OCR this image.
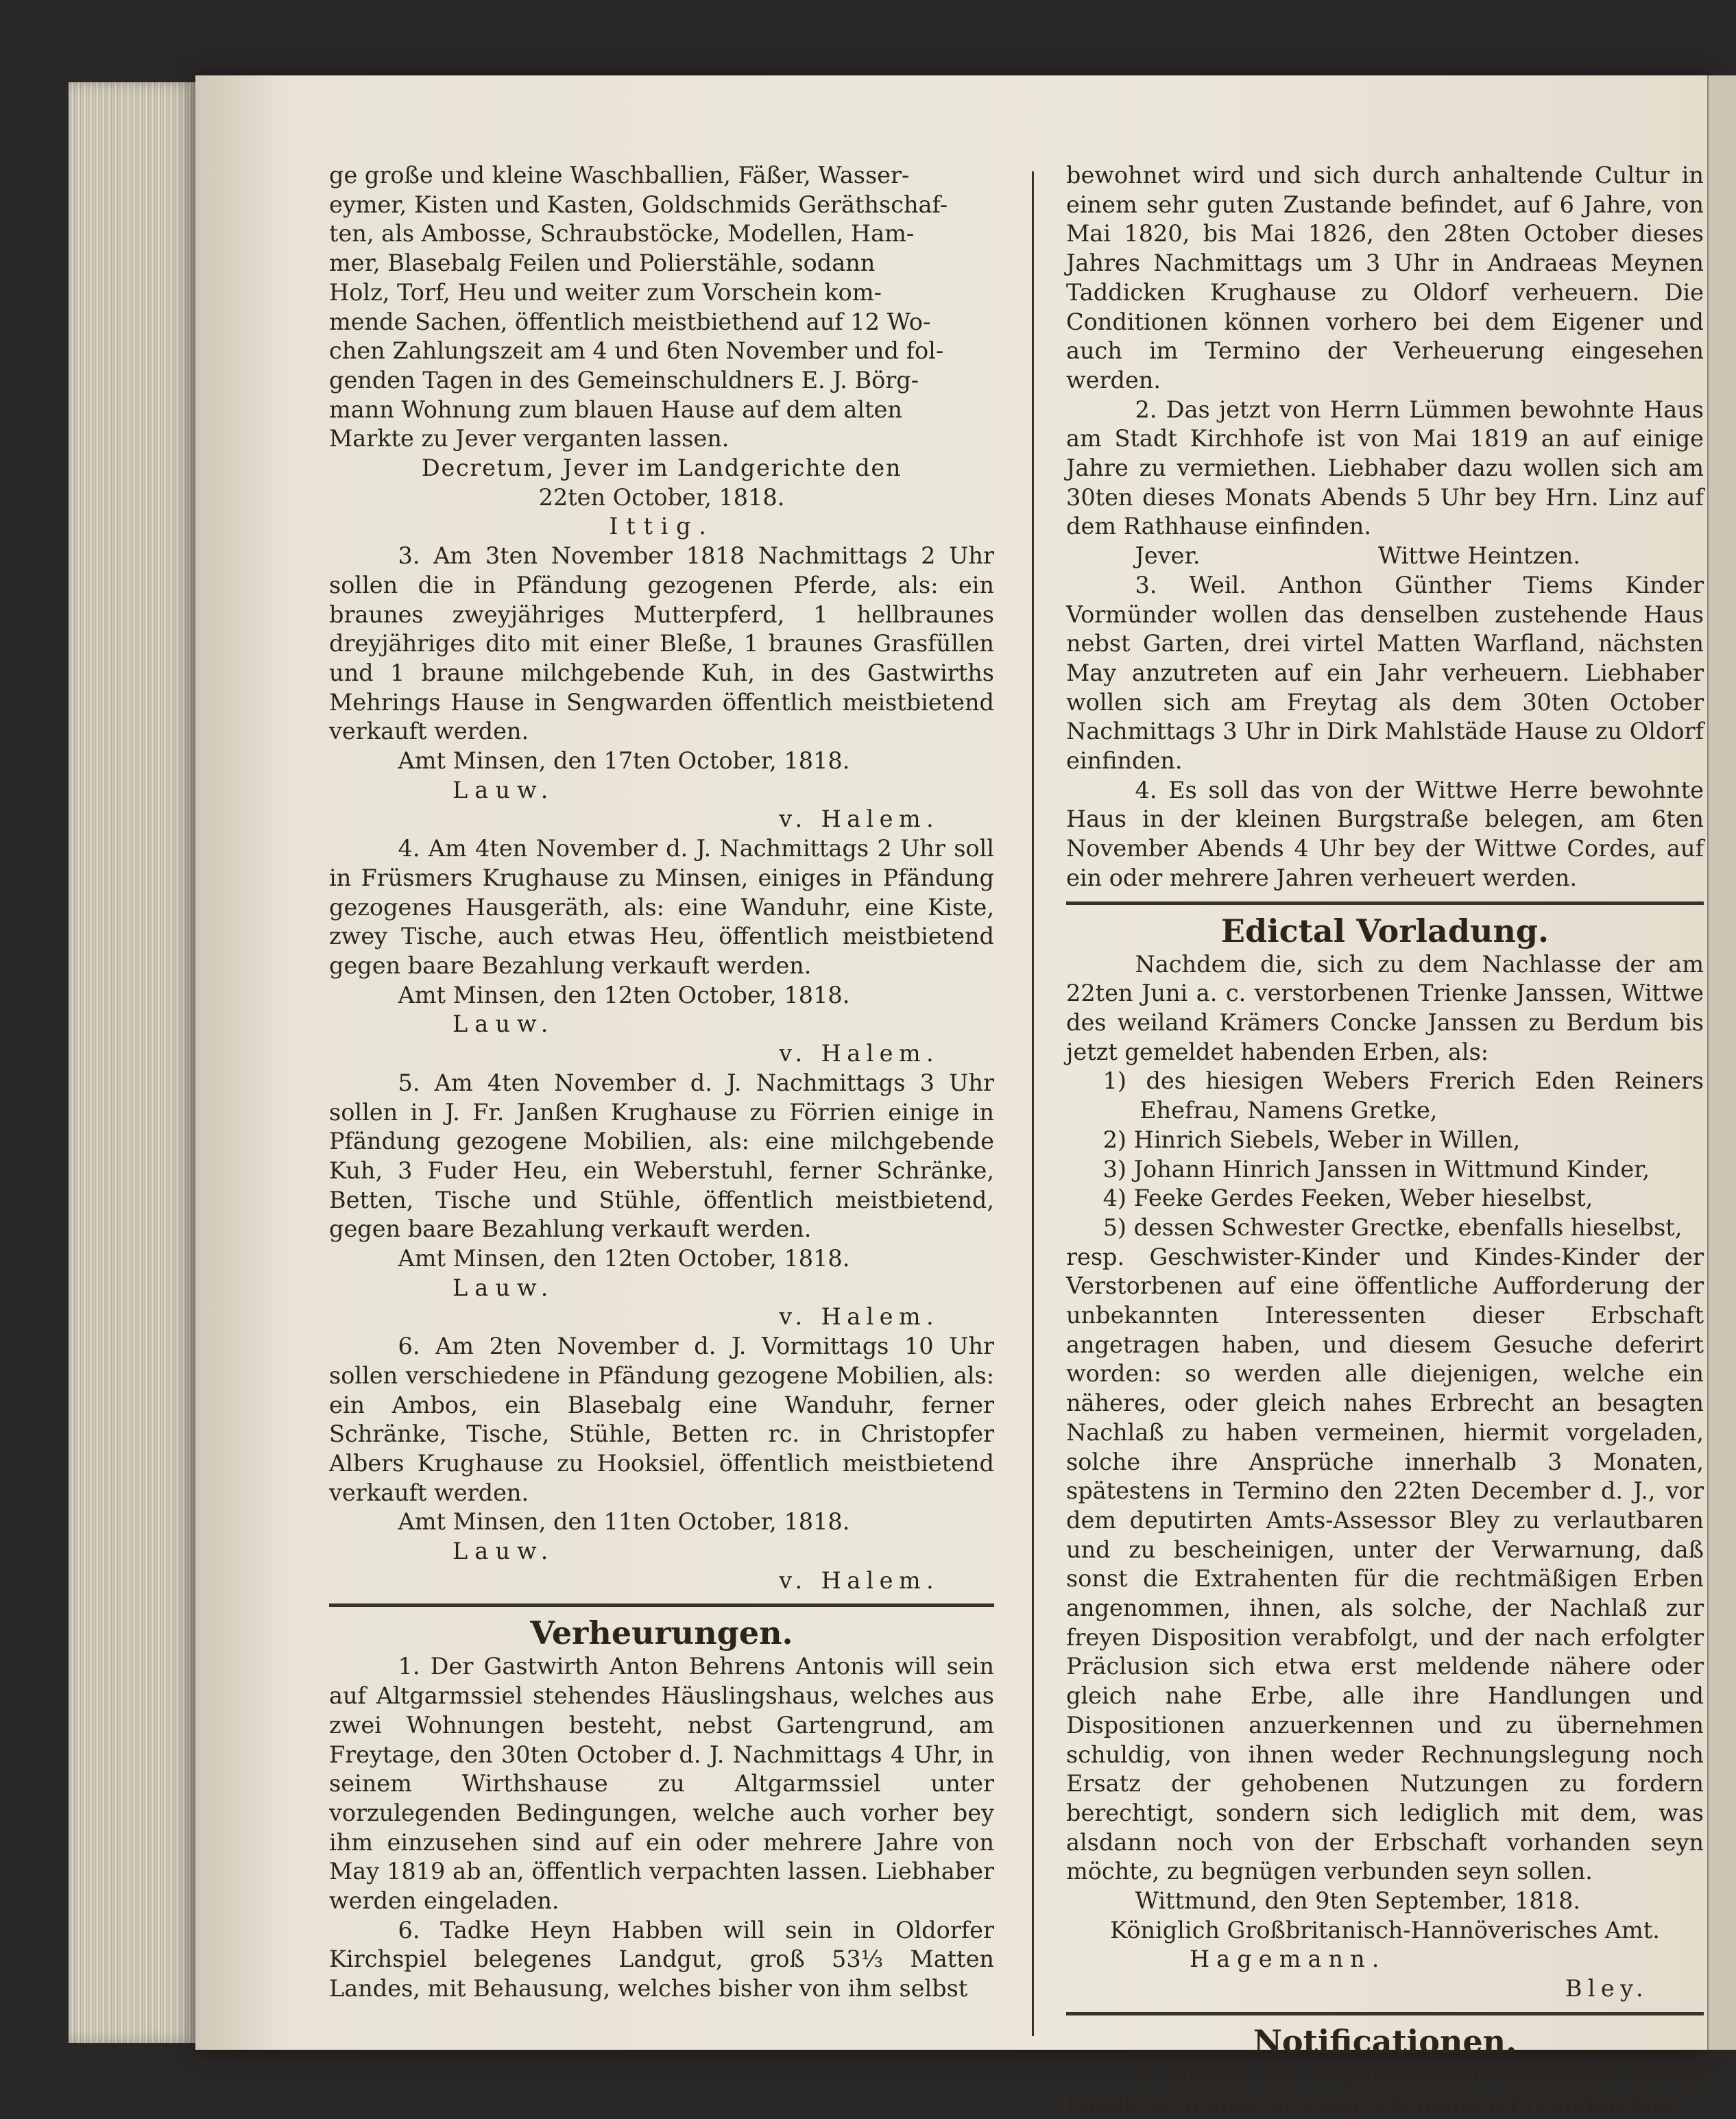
ge große und kleine Waschballien, Fäßer, Wasser-

eymer, Kisten und Kasten, Goldschmids Geräthschaf-

ten, als Ambosse, Schraubstöcke, Modellen, Ham-

mer, Blasebalg Feilen und Polierstähle, sodann

Holz, Torf, Heu und weiter zum Vorschein kom-

mende Sachen, öffentlich meistbiethend auf 12 Wo-

chen Zahlungszeit am 4 und 6ten November und fol-

genden Tagen in des Gemeinschuldners E. J. Börg-

mann Wohnung zum blauen Hause auf dem alten

Markte zu Jever verganten lassen.

Decretum, Jever im Landgerichte den

22ten October, 1818.

Ittig.

3. Am 3ten November 1818 Nachmittags 2 Uhr sollen die in Pfändung gezogenen Pferde, als: ein braunes zweyjähriges Mutterpferd, 1 hellbraunes dreyjähriges dito mit einer Bleße, 1 braunes Grasfüllen und 1 braune milchgebende Kuh, in des Gastwirths Mehrings Hause in Sengwarden öffentlich meistbietend verkauft werden.

Amt Minsen, den 17ten October, 1818.

Lauw.

v. Halem.

4. Am 4ten November d. J. Nachmittags 2 Uhr soll in Früsmers Krughause zu Minsen, einiges in Pfändung gezogenes Hausgeräth, als: eine Wanduhr, eine Kiste, zwey Tische, auch etwas Heu, öffentlich meistbietend gegen baare Bezahlung verkauft werden.

Amt Minsen, den 12ten October, 1818.

Lauw.

v. Halem.

5. Am 4ten November d. J. Nachmittags 3 Uhr sollen in J. Fr. Janßen Krughause zu Förrien einige in Pfändung gezogene Mobilien, als: eine milchgebende Kuh, 3 Fuder Heu, ein Weberstuhl, ferner Schränke, Betten, Tische und Stühle, öffentlich meistbietend, gegen baare Bezahlung verkauft werden.

Amt Minsen, den 12ten October, 1818.

Lauw.

v. Halem.

6. Am 2ten November d. J. Vormittags 10 Uhr sollen verschiedene in Pfändung gezogene Mobilien, als: ein Ambos, ein Blasebalg eine Wanduhr, ferner Schränke, Tische, Stühle, Betten rc. in Christopfer Albers Krughause zu Hooksiel, öffentlich meistbietend verkauft werden.

Amt Minsen, den 11ten October, 1818.

Lauw.

v. Halem.

Verheurungen.

1. Der Gastwirth Anton Behrens Antonis will sein auf Altgarmssiel stehendes Häuslingshaus, welches aus zwei Wohnungen besteht, nebst Gartengrund, am Freytage, den 30ten October d. J. Nachmittags 4 Uhr, in seinem Wirthshause zu Altgarmssiel unter vorzulegenden Bedingungen, welche auch vorher bey ihm einzusehen sind auf ein oder mehrere Jahre von May 1819 ab an, öffentlich verpachten lassen. Liebhaber werden eingeladen.

6. Tadke Heyn Habben will sein in Oldorfer Kirchspiel belegenes Landgut, groß 53⅓ Matten Landes, mit Behausung, welches bisher von ihm selbst

bewohnet wird und sich durch anhaltende Cultur in einem sehr guten Zustande befindet, auf 6 Jahre, von Mai 1820, bis Mai 1826, den 28ten October dieses Jahres Nachmittags um 3 Uhr in Andraeas Meynen Taddicken Krughause zu Oldorf verheuern. Die Conditionen können vorhero bei dem Eigener und auch im Termino der Verheuerung eingesehen werden.

2. Das jetzt von Herrn Lümmen bewohnte Haus am Stadt Kirchhofe ist von Mai 1819 an auf einige Jahre zu vermiethen. Liebhaber dazu wollen sich am 30ten dieses Monats Abends 5 Uhr bey Hrn. Linz auf dem Rathhause einfinden.

Jever.	Wittwe Heintzen.

3. Weil. Anthon Günther Tiems Kinder Vormünder wollen das denselben zustehende Haus nebst Garten, drei virtel Matten Warfland, nächsten May anzutreten auf ein Jahr verheuern. Liebhaber wollen sich am Freytag als dem 30ten October Nachmittags 3 Uhr in Dirk Mahlstäde Hause zu Oldorf einfinden.

4. Es soll das von der Wittwe Herre bewohnte Haus in der kleinen Burgstraße belegen, am 6ten November Abends 4 Uhr bey der Wittwe Cordes, auf ein oder mehrere Jahren verheuert werden.

Edictal Vorladung.

Nachdem die, sich zu dem Nachlasse der am 22ten Juni a. c. verstorbenen Trienke Janssen, Wittwe des weiland Krämers Concke Janssen zu Berdum bis jetzt gemeldet habenden Erben, als:

1) des hiesigen Webers Frerich Eden Reiners Ehefrau, Namens Gretke,

2) Hinrich Siebels, Weber in Willen,

3) Johann Hinrich Janssen in Wittmund Kinder,

4) Feeke Gerdes Feeken, Weber hieselbst,

5) dessen Schwester Grectke, ebenfalls hieselbst,

resp. Geschwister-Kinder und Kindes-Kinder der Verstorbenen auf eine öffentliche Aufforderung der unbekannten Interessenten dieser Erbschaft angetragen haben, und diesem Gesuche deferirt worden: so werden alle diejenigen, welche ein näheres, oder gleich nahes Erbrecht an besagten Nachlaß zu haben vermeinen, hiermit vorgeladen, solche ihre Ansprüche innerhalb 3 Monaten, spätestens in Termino den 22ten December d. J., vor dem deputirten Amts-Assessor Bley zu verlautbaren und zu bescheinigen, unter der Verwarnung, daß sonst die Extrahenten für die rechtmäßigen Erben angenommen, ihnen, als solche, der Nachlaß zur freyen Disposition verabfolgt, und der nach erfolgter Präclusion sich etwa erst meldende nähere oder gleich nahe Erbe, alle ihre Handlungen und Dispositionen anzuerkennen und zu übernehmen schuldig, von ihnen weder Rechnungslegung noch Ersatz der gehobenen Nutzungen zu fordern berechtigt, sondern sich lediglich mit dem, was alsdann noch von der Erbschaft vorhanden seyn möchte, zu begnügen verbunden seyn sollen.

Wittmund, den 9ten September, 1818.

Königlich Großbritanisch-Hannöverisches Amt.

Hagemann.

Bley.

Notificationen.

1. Indem ich wegen meiner Geschäfte oft im Lande seyn muß, so zeige ich meinen Freunden hier
